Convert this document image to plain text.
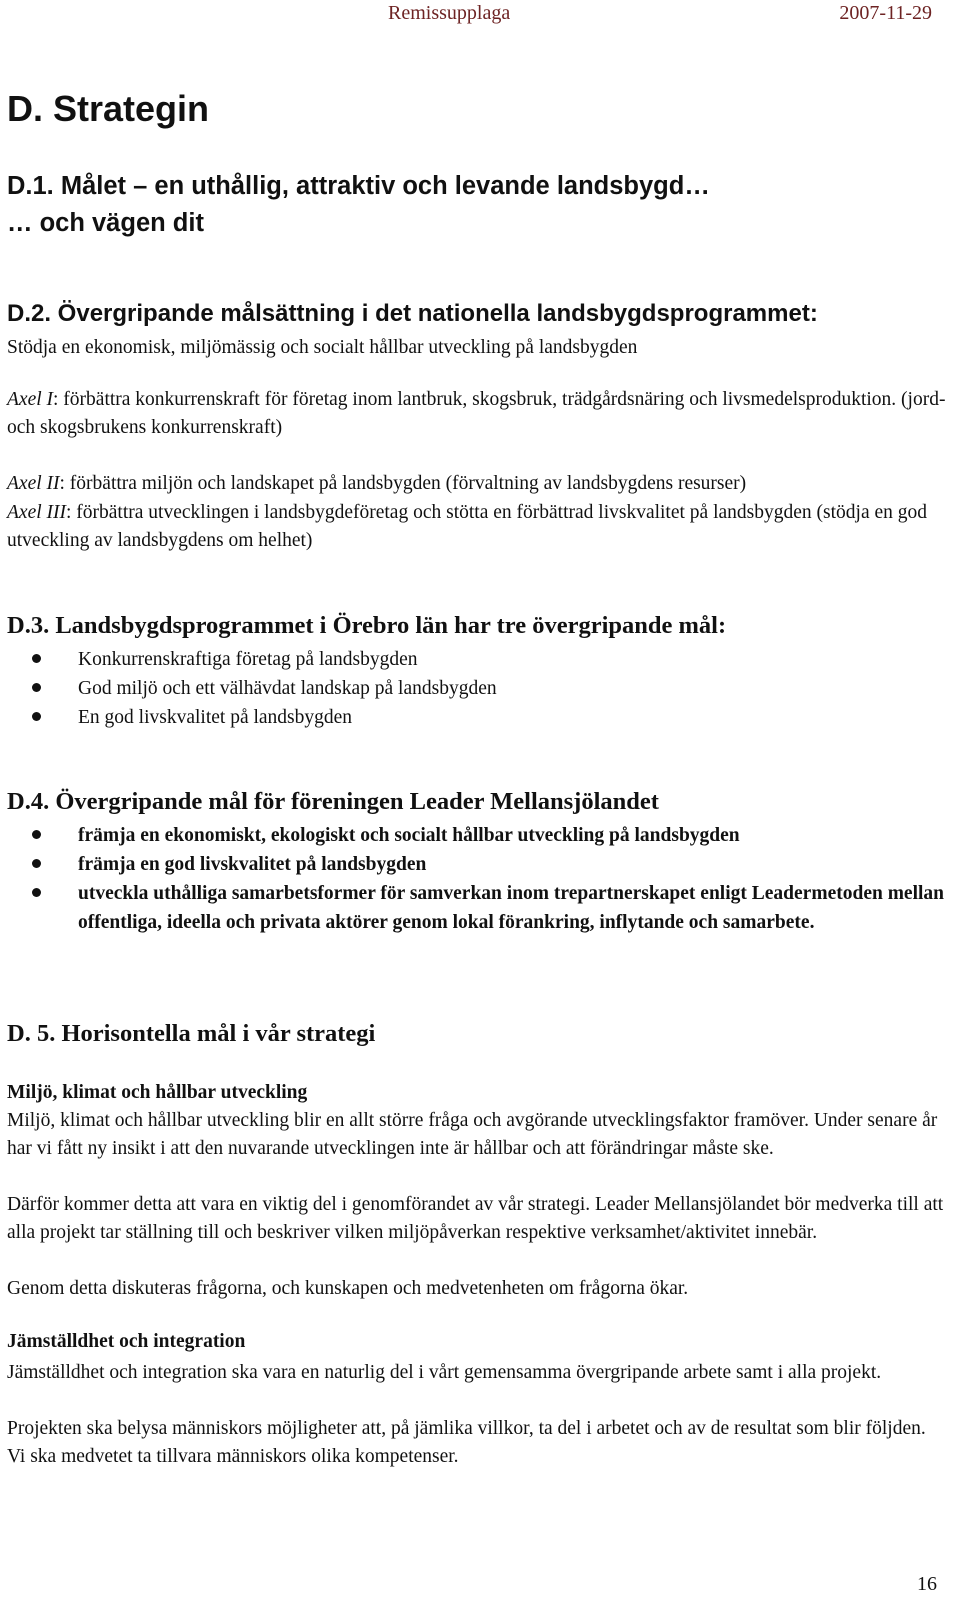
Remissupplaga	2007-11-29
D. Strategin
D.1. Målet – en uthållig, attraktiv och levande landsbygd…
… och vägen dit
D.2. Övergripande målsättning i det nationella landsbygdsprogrammet:
Stödja en ekonomisk, miljömässig och socialt hållbar utveckling på landsbygden
Axel I: förbättra konkurrenskraft för företag inom lantbruk, skogsbruk, trädgårdsnäring och livsmedelsproduktion. (jord- och skogsbrukens konkurrenskraft)
Axel II: förbättra miljön och landskapet på landsbygden (förvaltning av landsbygdens resurser)
Axel III: förbättra utvecklingen i landsbygdeföretag och stötta en förbättrad livskvalitet på landsbygden (stödja en god utveckling av landsbygdens om helhet)
D.3. Landsbygdsprogrammet i Örebro län har tre övergripande mål:
Konkurrenskraftiga företag på landsbygden
God miljö och ett välhävdat landskap på landsbygden
En god livskvalitet på landsbygden
D.4. Övergripande mål för föreningen Leader Mellansjölandet
främja en ekonomiskt, ekologiskt och socialt hållbar utveckling på landsbygden
främja en god livskvalitet på landsbygden
utveckla uthålliga samarbetsformer för samverkan inom trepartnerskapet enligt Leadermetoden mellan offentliga, ideella och privata aktörer genom lokal förankring, inflytande och samarbete.
D. 5. Horisontella mål i vår strategi
Miljö, klimat och hållbar utveckling
Miljö, klimat och hållbar utveckling blir en allt större fråga och avgörande utvecklingsfaktor framöver. Under senare år har vi fått ny insikt i att den nuvarande utvecklingen inte är hållbar och att förändringar måste ske.
Därför kommer detta att vara en viktig del i genomförandet av vår strategi. Leader Mellansjölandet bör medverka till att alla projekt tar ställning till och beskriver vilken miljöpåverkan respektive verksamhet/aktivitet innebär.
Genom detta diskuteras frågorna, och kunskapen och medvetenheten om frågorna ökar.
Jämställdhet och integration
Jämställdhet och integration ska vara en naturlig del i vårt gemensamma övergripande arbete samt i alla projekt.
Projekten ska belysa människors möjligheter att, på jämlika villkor, ta del i arbetet och av de resultat som blir följden. Vi ska medvetet ta tillvara människors olika kompetenser.
16
